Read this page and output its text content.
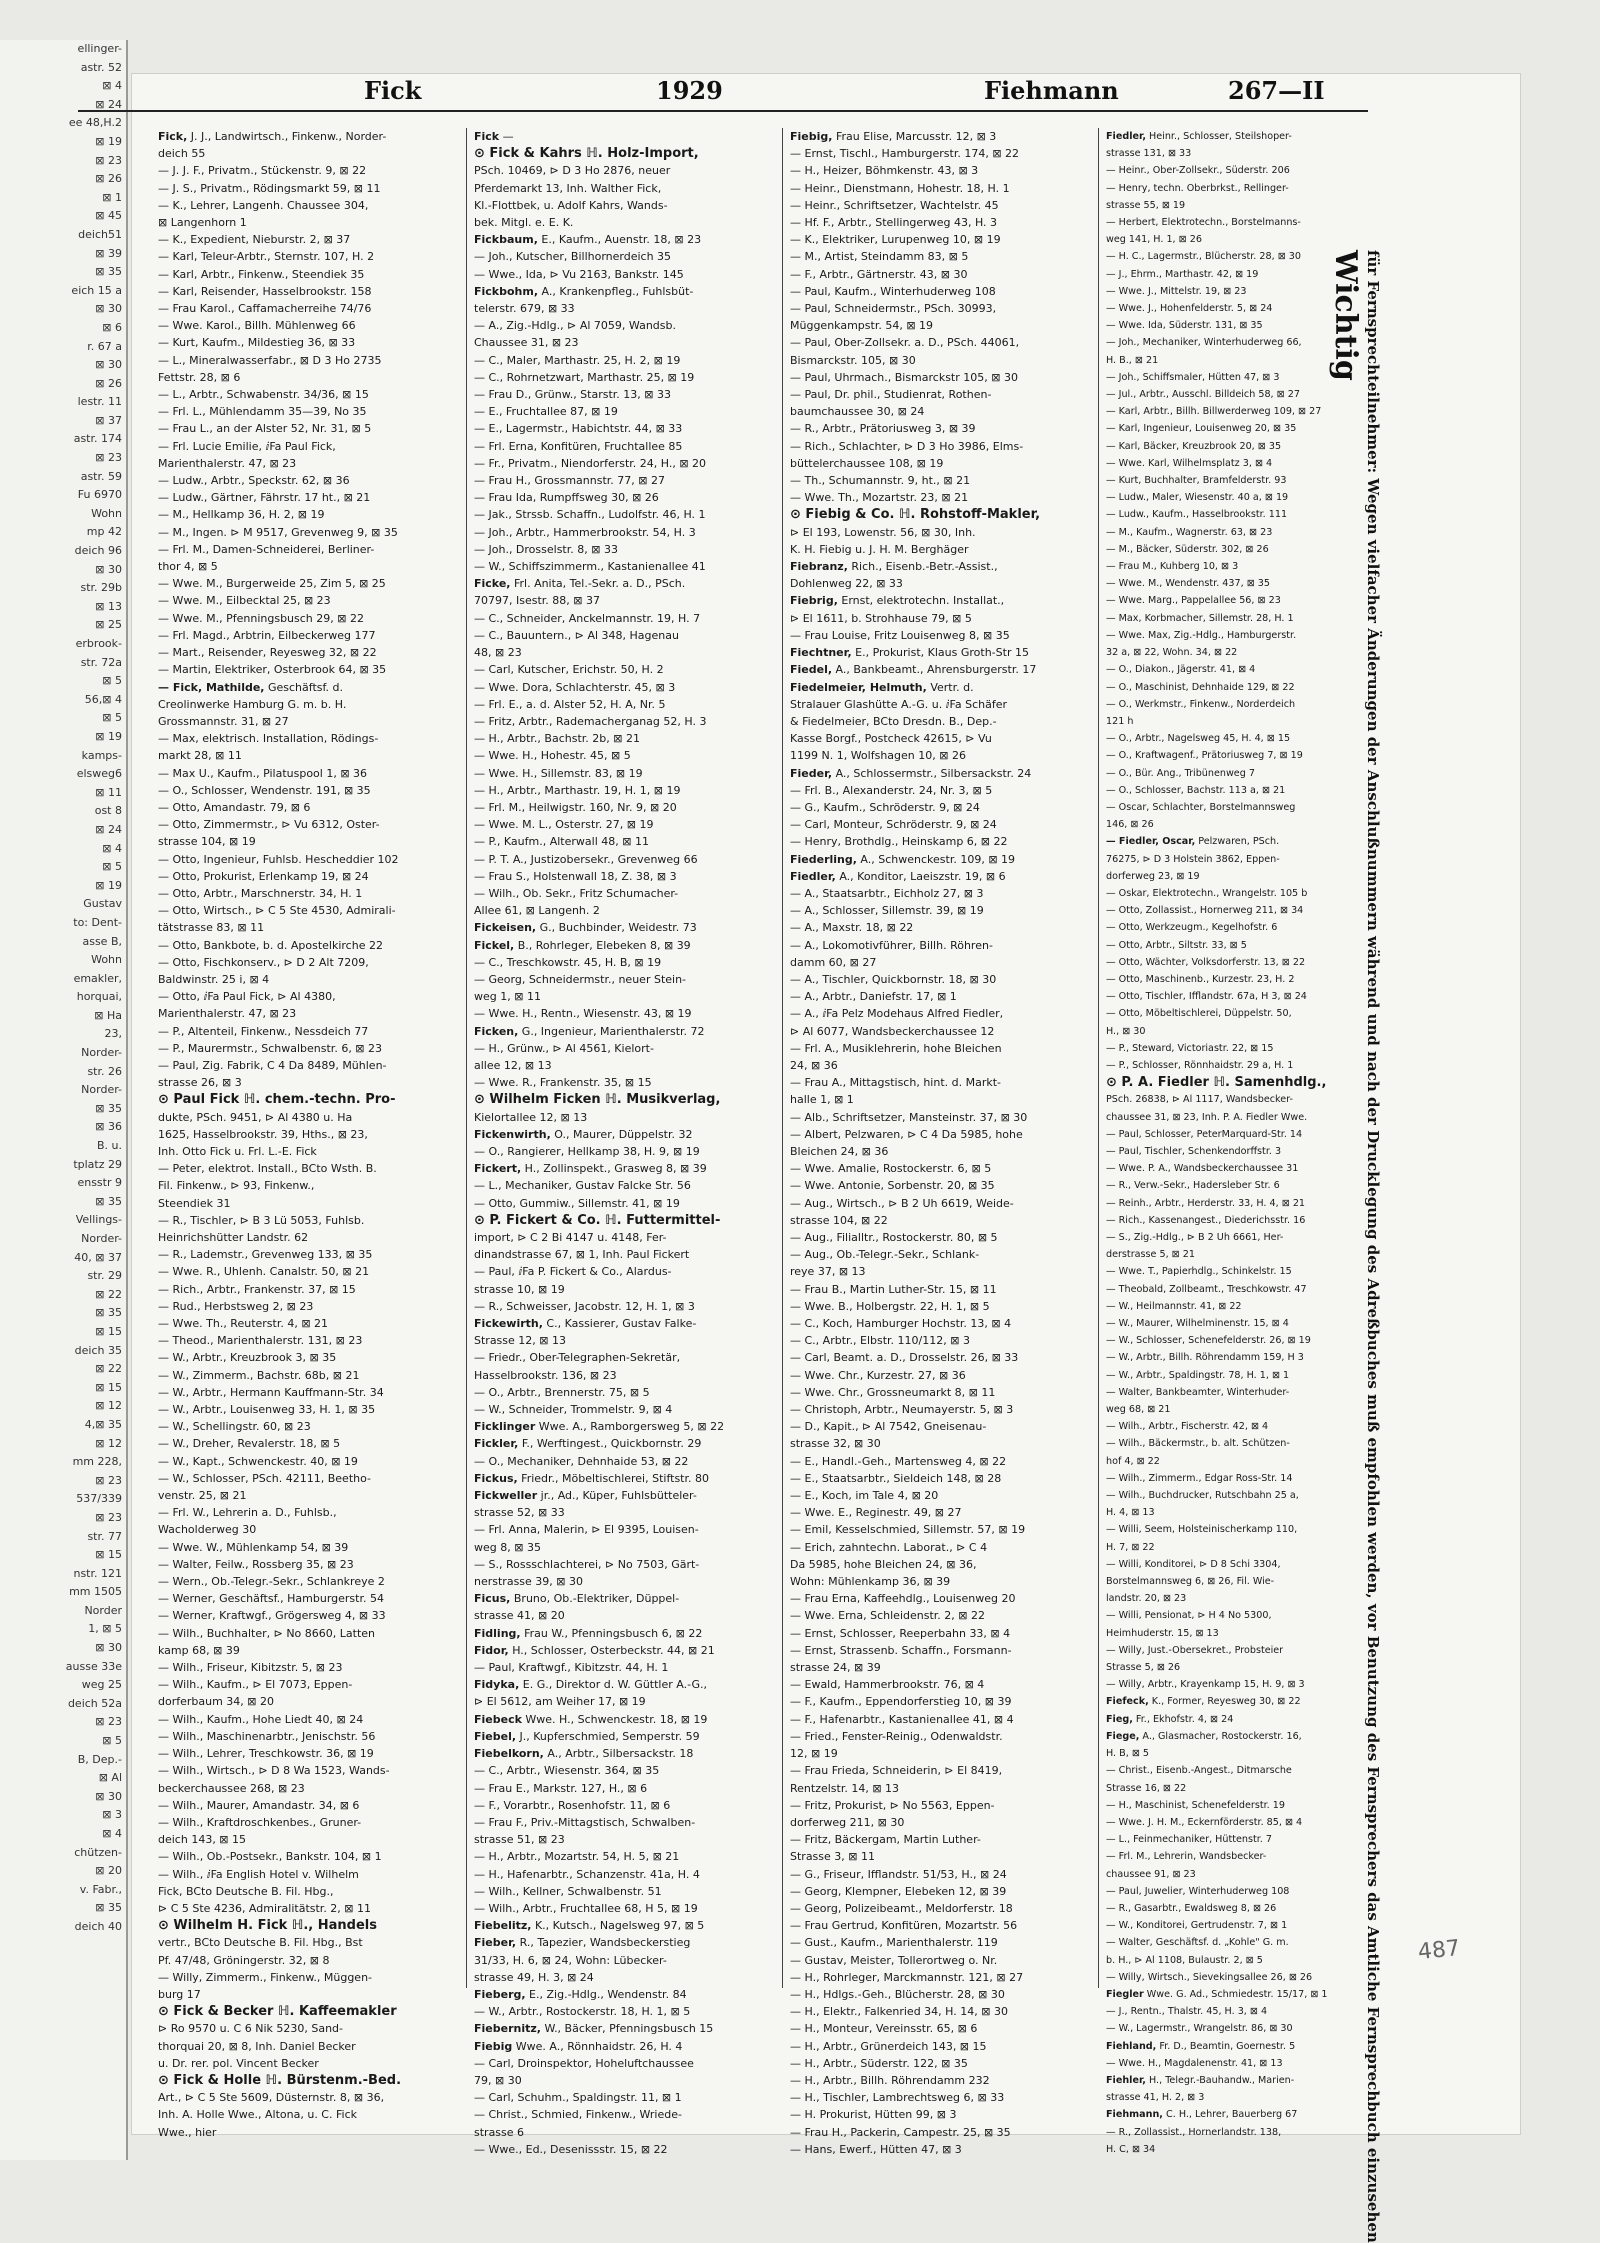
ellinger-
astr. 52
⊠ 4
⊠ 24
ee 48,H.2
⊠ 19
⊠ 23
⊠ 26
⊠ 1
⊠ 45
deich51
⊠ 39
⊠ 35
eich 15 a
⊠ 30
⊠ 6
r. 67 a
⊠ 30
⊠ 26
lestr. 11
⊠ 37
astr. 174
⊠ 23
astr. 59
Fu 6970
Wohn
mp 42
deich 96
⊠ 30
str. 29b
⊠ 13
⊠ 25
erbrook-
str. 72a
⊠ 5
56,⊠ 4
⊠ 5
⊠ 19
kamps-
elsweg6
⊠ 11
ost 8
⊠ 24
⊠ 4
⊠ 5
⊠ 19
Gustav
to: Dent-
asse B,
Wohn
emakler,
horquai,
⊠ Ha
23,
Norder-
str. 26
Norder-
⊠ 35
⊠ 36
B. u.
tplatz 29
ensstr 9
⊠ 35
Vellings-
Norder-
40, ⊠ 37
str. 29
⊠ 22
⊠ 35
⊠ 15
deich 35
⊠ 22
⊠ 15
⊠ 12
4,⊠ 35
⊠ 12
mm 228,
⊠ 23
537/339
⊠ 23
str. 77
⊠ 15
nstr. 121
mm 1505
Norder
1, ⊠ 5
⊠ 30
ausse 33e
weg 25
deich 52a
⊠ 23
⊠ 5
B, Dep.-
⊠ Al
⊠ 30
⊠ 3
⊠ 4
chützen-
⊠ 20
v. Fabr.,
⊠ 35
deich 40
Fick	1929	Fiehmann	267—II
Fick, J. J., Landwirtsch., Finkenw., Norder-
deich 55
— J. J. F., Privatm., Stückenstr. 9, ⊠ 22
— J. S., Privatm., Rödingsmarkt 59, ⊠ 11
— K., Lehrer, Langenh. Chaussee 304,
⊠ Langenhorn 1
— K., Expedient, Nieburstr. 2, ⊠ 37
— Karl, Teleur-Arbtr., Sternstr. 107, H. 2
— Karl, Arbtr., Finkenw., Steendiek 35
— Karl, Reisender, Hasselbrookstr. 158
— Frau Karol., Caffamacherreihe 74/76
— Wwe. Karol., Billh. Mühlenweg 66
— Kurt, Kaufm., Mildestieg 36, ⊠ 33
— L., Mineralwasserfabr., ⊠ D 3 Ho 2735
Fettstr. 28, ⊠ 6
— L., Arbtr., Schwabenstr. 34/36, ⊠ 15
— Frl. L., Mühlendamm 35—39, No 35
— Frau L., an der Alster 52, Nr. 31, ⊠ 5
— Frl. Lucie Emilie, ⅈFa Paul Fick,
Marienthalerstr. 47, ⊠ 23
— Ludw., Arbtr., Speckstr. 62, ⊠ 36
— Ludw., Gärtner, Fährstr. 17 ht., ⊠ 21
— M., Hellkamp 36, H. 2, ⊠ 19
— M., Ingen. ⊳ M 9517, Grevenweg 9, ⊠ 35
— Frl. M., Damen-Schneiderei, Berliner-
thor 4, ⊠ 5
— Wwe. M., Burgerweide 25, Zim 5, ⊠ 25
— Wwe. M., Eilbecktal 25, ⊠ 23
— Wwe. M., Pfenningsbusch 29, ⊠ 22
— Frl. Magd., Arbtrin, Eilbeckerweg 177
— Mart., Reisender, Reyesweg 32, ⊠ 22
— Martin, Elektriker, Osterbrook 64, ⊠ 35
— Fick, Mathilde, Geschäftsf. d.
Creolinwerke Hamburg G. m. b. H.
Grossmannstr. 31, ⊠ 27
— Max, elektrisch. Installation, Rödings-
markt 28, ⊠ 11
— Max U., Kaufm., Pilatuspool 1, ⊠ 36
— O., Schlosser, Wendenstr. 191, ⊠ 35
— Otto, Amandastr. 79, ⊠ 6
— Otto, Zimmermstr., ⊳ Vu 6312, Oster-
strasse 104, ⊠ 19
— Otto, Ingenieur, Fuhlsb. Hescheddier 102
— Otto, Prokurist, Erlenkamp 19, ⊠ 24
— Otto, Arbtr., Marschnerstr. 34, H. 1
— Otto, Wirtsch., ⊳ C 5 Ste 4530, Admirali-
tätstrasse 83, ⊠ 11
— Otto, Bankbote, b. d. Apostelkirche 22
— Otto, Fischkonserv., ⊳ D 2 Alt 7209,
Baldwinstr. 25 i, ⊠ 4
— Otto, ⅈFa Paul Fick, ⊳ Al 4380,
Marienthalerstr. 47, ⊠ 23
— P., Altenteil, Finkenw., Nessdeich 77
— P., Maurermstr., Schwalbenstr. 6, ⊠ 23
— Paul, Zig. Fabrik, C 4 Da 8489, Mühlen-
strasse 26, ⊠ 3
⊙ Paul Fick ℍ. chem.-techn. Pro-
dukte, PSch. 9451, ⊳ Al 4380 u. Ha
1625, Hasselbrookstr. 39, Hths., ⊠ 23,
Inh. Otto Fick u. Frl. L.-E. Fick
— Peter, elektrot. Install., BCto Wsth. B.
Fil. Finkenw., ⊳ 93, Finkenw.,
Steendiek 31
— R., Tischler, ⊳ B 3 Lü 5053, Fuhlsb.
Heinrichshütter Landstr. 62
— R., Lademstr., Grevenweg 133, ⊠ 35
— Wwe. R., Uhlenh. Canalstr. 50, ⊠ 21
— Rich., Arbtr., Frankenstr. 37, ⊠ 15
— Rud., Herbstsweg 2, ⊠ 23
— Wwe. Th., Reuterstr. 4, ⊠ 21
— Theod., Marienthalerstr. 131, ⊠ 23
— W., Arbtr., Kreuzbrook 3, ⊠ 35
— W., Zimmerm., Bachstr. 68b, ⊠ 21
— W., Arbtr., Hermann Kauffmann-Str. 34
— W., Arbtr., Louisenweg 33, H. 1, ⊠ 35
— W., Schellingstr. 60, ⊠ 23
— W., Dreher, Revalerstr. 18, ⊠ 5
— W., Kapt., Schwenckestr. 40, ⊠ 19
— W., Schlosser, PSch. 42111, Beetho-
venstr. 25, ⊠ 21
— Frl. W., Lehrerin a. D., Fuhlsb.,
Wacholderweg 30
— Wwe. W., Mühlenkamp 54, ⊠ 39
— Walter, Feilw., Rossberg 35, ⊠ 23
— Wern., Ob.-Telegr.-Sekr., Schlankreye 2
— Werner, Geschäftsf., Hamburgerstr. 54
— Werner, Kraftwgf., Grögersweg 4, ⊠ 33
— Wilh., Buchhalter, ⊳ No 8660, Latten
kamp 68, ⊠ 39
— Wilh., Friseur, Kibitzstr. 5, ⊠ 23
— Wilh., Kaufm., ⊳ El 7073, Eppen-
dorferbaum 34, ⊠ 20
— Wilh., Kaufm., Hohe Liedt 40, ⊠ 24
— Wilh., Maschinenarbtr., Jenischstr. 56
— Wilh., Lehrer, Treschkowstr. 36, ⊠ 19
— Wilh., Wirtsch., ⊳ D 8 Wa 1523, Wands-
beckerchaussee 268, ⊠ 23
— Wilh., Maurer, Amandastr. 34, ⊠ 6
— Wilh., Kraftdroschkenbes., Gruner-
deich 143, ⊠ 15
— Wilh., Ob.-Postsekr., Bankstr. 104, ⊠ 1
— Wilh., ⅈFa English Hotel v. Wilhelm
Fick, BCto Deutsche B. Fil. Hbg.,
⊳ C 5 Ste 4236, Admiralitätstr. 2, ⊠ 11
⊙ Wilhelm H. Fick ℍ., Handels
vertr., BCto Deutsche B. Fil. Hbg., Bst
Pf. 47/48, Gröningerstr. 32, ⊠ 8
— Willy, Zimmerm., Finkenw., Müggen-
burg 17
⊙ Fick & Becker ℍ. Kaffeemakler
⊳ Ro 9570 u. C 6 Nik 5230, Sand-
thorquai 20, ⊠ 8, Inh. Daniel Becker
u. Dr. rer. pol. Vincent Becker
⊙ Fick & Holle ℍ. Bürstenm.-Bed.
Art., ⊳ C 5 Ste 5609, Düsternstr. 8, ⊠ 36,
Inh. A. Holle Wwe., Altona, u. C. Fick
Wwe., hier
Fick —
⊙ Fick & Kahrs ℍ. Holz-Import,
PSch. 10469, ⊳ D 3 Ho 2876, neuer
Pferdemarkt 13, Inh. Walther Fick,
Kl.-Flottbek, u. Adolf Kahrs, Wands-
bek. Mitgl. e. E. K.
Fickbaum, E., Kaufm., Auenstr. 18, ⊠ 23
— Joh., Kutscher, Billhornerdeich 35
— Wwe., Ida, ⊳ Vu 2163, Bankstr. 145
Fickbohm, A., Krankenpfleg., Fuhlsbüt-
telerstr. 679, ⊠ 33
— A., Zig.-Hdlg., ⊳ Al 7059, Wandsb.
Chaussee 31, ⊠ 23
— C., Maler, Marthastr. 25, H. 2, ⊠ 19
— C., Rohrnetzwart, Marthastr. 25, ⊠ 19
— Frau D., Grünw., Starstr. 13, ⊠ 33
— E., Fruchtallee 87, ⊠ 19
— E., Lagermstr., Habichtstr. 44, ⊠ 33
— Frl. Erna, Konfitüren, Fruchtallee 85
— Fr., Privatm., Niendorferstr. 24, H., ⊠ 20
— Frau H., Grossmannstr. 77, ⊠ 27
— Frau Ida, Rumpffsweg 30, ⊠ 26
— Jak., Strssb. Schaffn., Ludolfstr. 46, H. 1
— Joh., Arbtr., Hammerbrookstr. 54, H. 3
— Joh., Drosselstr. 8, ⊠ 33
— W., Schiffszimmerm., Kastanienallee 41
Ficke, Frl. Anita, Tel.-Sekr. a. D., PSch.
70797, Isestr. 88, ⊠ 37
— C., Schneider, Anckelmannstr. 19, H. 7
— C., Bauuntern., ⊳ Al 348, Hagenau
48, ⊠ 23
— Carl, Kutscher, Erichstr. 50, H. 2
— Wwe. Dora, Schlachterstr. 45, ⊠ 3
— Frl. E., a. d. Alster 52, H. A, Nr. 5
— Fritz, Arbtr., Rademacherganag 52, H. 3
— H., Arbtr., Bachstr. 2b, ⊠ 21
— Wwe. H., Hohestr. 45, ⊠ 5
— Wwe. H., Sillemstr. 83, ⊠ 19
— H., Arbtr., Marthastr. 19, H. 1, ⊠ 19
— Frl. M., Heilwigstr. 160, Nr. 9, ⊠ 20
— Wwe. M. L., Osterstr. 27, ⊠ 19
— P., Kaufm., Alterwall 48, ⊠ 11
— P. T. A., Justizobersekr., Grevenweg 66
— Frau S., Holstenwall 18, Z. 38, ⊠ 3
— Wilh., Ob. Sekr., Fritz Schumacher-
Allee 61, ⊠ Langenh. 2
Fickeisen, G., Buchbinder, Weidestr. 73
Fickel, B., Rohrleger, Elebeken 8, ⊠ 39
— C., Treschkowstr. 45, H. B, ⊠ 19
— Georg, Schneidermstr., neuer Stein-
weg 1, ⊠ 11
— Wwe. H., Rentn., Wiesenstr. 43, ⊠ 19
Ficken, G., Ingenieur, Marienthalerstr. 72
— H., Grünw., ⊳ Al 4561, Kielort-
allee 12, ⊠ 13
— Wwe. R., Frankenstr. 35, ⊠ 15
⊙ Wilhelm Ficken ℍ. Musikverlag,
Kielortallee 12, ⊠ 13
Fickenwirth, O., Maurer, Düppelstr. 32
— O., Rangierer, Hellkamp 38, H. 9, ⊠ 19
Fickert, H., Zollinspekt., Grasweg 8, ⊠ 39
— L., Mechaniker, Gustav Falcke Str. 56
— Otto, Gummiw., Sillemstr. 41, ⊠ 19
⊙ P. Fickert & Co. ℍ. Futtermittel-
import, ⊳ C 2 Bi 4147 u. 4148, Fer-
dinandstrasse 67, ⊠ 1, Inh. Paul Fickert
— Paul, ⅈFa P. Fickert & Co., Alardus-
strasse 10, ⊠ 19
— R., Schweisser, Jacobstr. 12, H. 1, ⊠ 3
Fickewirth, C., Kassierer, Gustav Falke-
Strasse 12, ⊠ 13
— Friedr., Ober-Telegraphen-Sekretär,
Hasselbrookstr. 136, ⊠ 23
— O., Arbtr., Brennerstr. 75, ⊠ 5
— W., Schneider, Trommelstr. 9, ⊠ 4
Ficklinger Wwe. A., Ramborgersweg 5, ⊠ 22
Fickler, F., Werftingest., Quickbornstr. 29
— O., Mechaniker, Dehnhaide 53, ⊠ 22
Fickus, Friedr., Möbeltischlerei, Stiftstr. 80
Fickweller jr., Ad., Küper, Fuhlsbütteler-
strasse 52, ⊠ 33
— Frl. Anna, Malerin, ⊳ El 9395, Louisen-
weg 8, ⊠ 35
— S., Rossschlachterei, ⊳ No 7503, Gärt-
nerstrasse 39, ⊠ 30
Ficus, Bruno, Ob.-Elektriker, Düppel-
strasse 41, ⊠ 20
Fidling, Frau W., Pfenningsbusch 6, ⊠ 22
Fidor, H., Schlosser, Osterbeckstr. 44, ⊠ 21
— Paul, Kraftwgf., Kibitzstr. 44, H. 1
Fidyka, E. G., Direktor d. W. Güttler A.-G.,
⊳ El 5612, am Weiher 17, ⊠ 19
Fiebeck Wwe. H., Schwenckestr. 18, ⊠ 19
Fiebel, J., Kupferschmied, Semperstr. 59
Fiebelkorn, A., Arbtr., Silbersackstr. 18
— C., Arbtr., Wiesenstr. 364, ⊠ 35
— Frau E., Markstr. 127, H., ⊠ 6
— F., Vorarbtr., Rosenhofstr. 11, ⊠ 6
— Frau F., Priv.-Mittagstisch, Schwalben-
strasse 51, ⊠ 23
— H., Arbtr., Mozartstr. 54, H. 5, ⊠ 21
— H., Hafenarbtr., Schanzenstr. 41a, H. 4
— Wilh., Kellner, Schwalbenstr. 51
— Wilh., Arbtr., Fruchtallee 68, H 5, ⊠ 19
Fiebelitz, K., Kutsch., Nagelsweg 97, ⊠ 5
Fieber, R., Tapezier, Wandsbeckerstieg
31/33, H. 6, ⊠ 24, Wohn: Lübecker-
strasse 49, H. 3, ⊠ 24
Fieberg, E., Zig.-Hdlg., Wendenstr. 84
— W., Arbtr., Rostockerstr. 18, H. 1, ⊠ 5
Fiebernitz, W., Bäcker, Pfenningsbusch 15
Fiebig Wwe. A., Rönnhaidstr. 26, H. 4
— Carl, Droinspektor, Hoheluftchaussee
79, ⊠ 30
— Carl, Schuhm., Spaldingstr. 11, ⊠ 1
— Christ., Schmied, Finkenw., Wriede-
strasse 6
— Wwe., Ed., Desenissstr. 15, ⊠ 22
Fiebig, Frau Elise, Marcusstr. 12, ⊠ 3
— Ernst, Tischl., Hamburgerstr. 174, ⊠ 22
— H., Heizer, Böhmkenstr. 43, ⊠ 3
— Heinr., Dienstmann, Hohestr. 18, H. 1
— Heinr., Schriftsetzer, Wachtelstr. 45
— Hf. F., Arbtr., Stellingerweg 43, H. 3
— K., Elektriker, Lurupenweg 10, ⊠ 19
— M., Artist, Steindamm 83, ⊠ 5
— F., Arbtr., Gärtnerstr. 43, ⊠ 30
— Paul, Kaufm., Winterhuderweg 108
— Paul, Schneidermstr., PSch. 30993,
Müggenkampstr. 54, ⊠ 19
— Paul, Ober-Zollsekr. a. D., PSch. 44061,
Bismarckstr. 105, ⊠ 30
— Paul, Uhrmach., Bismarckstr 105, ⊠ 30
— Paul, Dr. phil., Studienrat, Rothen-
baumchaussee 30, ⊠ 24
— R., Arbtr., Prätoriusweg 3, ⊠ 39
— Rich., Schlachter, ⊳ D 3 Ho 3986, Elms-
büttelerchaussee 108, ⊠ 19
— Th., Schumannstr. 9, ht., ⊠ 21
— Wwe. Th., Mozartstr. 23, ⊠ 21
⊙ Fiebig & Co. ℍ. Rohstoff-Makler,
⊳ El 193, Lowenstr. 56, ⊠ 30, Inh.
K. H. Fiebig u. J. H. M. Berghäger
Fiebranz, Rich., Eisenb.-Betr.-Assist.,
Dohlenweg 22, ⊠ 33
Fiebrig, Ernst, elektrotechn. Installat.,
⊳ El 1611, b. Strohhause 79, ⊠ 5
— Frau Louise, Fritz Louisenweg 8, ⊠ 35
Fiechtner, E., Prokurist, Klaus Groth-Str 15
Fiedel, A., Bankbeamt., Ahrensburgerstr. 17
Fiedelmeier, Helmuth, Vertr. d.
Stralauer Glashütte A.-G. u. ⅈFa Schäfer
& Fiedelmeier, BCto Dresdn. B., Dep.-
Kasse Borgf., Postcheck 42615, ⊳ Vu
1199 N. 1, Wolfshagen 10, ⊠ 26
Fieder, A., Schlossermstr., Silbersackstr. 24
— Frl. B., Alexanderstr. 24, Nr. 3, ⊠ 5
— G., Kaufm., Schröderstr. 9, ⊠ 24
— Carl, Monteur, Schröderstr. 9, ⊠ 24
— Henry, Brothdlg., Heinskamp 6, ⊠ 22
Fiederling, A., Schwenckestr. 109, ⊠ 19
Fiedler, A., Konditor, Laeiszstr. 19, ⊠ 6
— A., Staatsarbtr., Eichholz 27, ⊠ 3
— A., Schlosser, Sillemstr. 39, ⊠ 19
— A., Maxstr. 18, ⊠ 22
— A., Lokomotivführer, Billh. Röhren-
damm 60, ⊠ 27
— A., Tischler, Quickbornstr. 18, ⊠ 30
— A., Arbtr., Daniefstr. 17, ⊠ 1
— A., ⅈFa Pelz Modehaus Alfred Fiedler,
⊳ Al 6077, Wandsbeckerchaussee 12
— Frl. A., Musiklehrerin, hohe Bleichen
24, ⊠ 36
— Frau A., Mittagstisch, hint. d. Markt-
halle 1, ⊠ 1
— Alb., Schriftsetzer, Mansteinstr. 37, ⊠ 30
— Albert, Pelzwaren, ⊳ C 4 Da 5985, hohe
Bleichen 24, ⊠ 36
— Wwe. Amalie, Rostockerstr. 6, ⊠ 5
— Wwe. Antonie, Sorbenstr. 20, ⊠ 35
— Aug., Wirtsch., ⊳ B 2 Uh 6619, Weide-
strasse 104, ⊠ 22
— Aug., Filialltr., Rostockerstr. 80, ⊠ 5
— Aug., Ob.-Telegr.-Sekr., Schlank-
reye 37, ⊠ 13
— Frau B., Martin Luther-Str. 15, ⊠ 11
— Wwe. B., Holbergstr. 22, H. 1, ⊠ 5
— C., Koch, Hamburger Hochstr. 13, ⊠ 4
— C., Arbtr., Elbstr. 110/112, ⊠ 3
— Carl, Beamt. a. D., Drosselstr. 26, ⊠ 33
— Wwe. Chr., Kurzestr. 27, ⊠ 36
— Wwe. Chr., Grossneumarkt 8, ⊠ 11
— Christoph, Arbtr., Neumayerstr. 5, ⊠ 3
— D., Kapit., ⊳ Al 7542, Gneisenau-
strasse 32, ⊠ 30
— E., Handl.-Geh., Martensweg 4, ⊠ 22
— E., Staatsarbtr., Sieldeich 148, ⊠ 28
— E., Koch, im Tale 4, ⊠ 20
— Wwe. E., Reginestr. 49, ⊠ 27
— Emil, Kesselschmied, Sillemstr. 57, ⊠ 19
— Erich, zahntechn. Laborat., ⊳ C 4
Da 5985, hohe Bleichen 24, ⊠ 36,
Wohn: Mühlenkamp 36, ⊠ 39
— Frau Erna, Kaffeehdlg., Louisenweg 20
— Wwe. Erna, Schleidenstr. 2, ⊠ 22
— Ernst, Schlosser, Reeperbahn 33, ⊠ 4
— Ernst, Strassenb. Schaffn., Forsmann-
strasse 24, ⊠ 39
— Ewald, Hammerbrookstr. 76, ⊠ 4
— F., Kaufm., Eppendorferstieg 10, ⊠ 39
— F., Hafenarbtr., Kastanienallee 41, ⊠ 4
— Fried., Fenster-Reinig., Odenwaldstr.
12, ⊠ 19
— Frau Frieda, Schneiderin, ⊳ El 8419,
Rentzelstr. 14, ⊠ 13
— Fritz, Prokurist, ⊳ No 5563, Eppen-
dorferweg 211, ⊠ 30
— Fritz, Bäckergam, Martin Luther-
Strasse 3, ⊠ 11
— G., Friseur, Ifflandstr. 51/53, H., ⊠ 24
— Georg, Klempner, Elebeken 12, ⊠ 39
— Georg, Polizeibeamt., Meldorferstr. 18
— Frau Gertrud, Konfitüren, Mozartstr. 56
— Gust., Kaufm., Marienthalerstr. 119
— Gustav, Meister, Tollerortweg o. Nr.
— H., Rohrleger, Marckmannstr. 121, ⊠ 27
— H., Hdlgs.-Geh., Blücherstr. 28, ⊠ 30
— H., Elektr., Falkenried 34, H. 14, ⊠ 30
— H., Monteur, Vereinsstr. 65, ⊠ 6
— H., Arbtr., Grünerdeich 143, ⊠ 15
— H., Arbtr., Süderstr. 122, ⊠ 35
— H., Arbtr., Billh. Röhrendamm 232
— H., Tischler, Lambrechtsweg 6, ⊠ 33
— H. Prokurist, Hütten 99, ⊠ 3
— Frau H., Packerin, Campestr. 25, ⊠ 35
— Hans, Ewerf., Hütten 47, ⊠ 3
Fiedler, Heinr., Schlosser, Steilshoper-
strasse 131, ⊠ 33
— Heinr., Ober-Zollsekr., Süderstr. 206
— Henry, techn. Oberbrkst., Rellinger-
strasse 55, ⊠ 19
— Herbert, Elektrotechn., Borstelmanns-
weg 141, H. 1, ⊠ 26
— H. C., Lagermstr., Blücherstr. 28, ⊠ 30
— J., Ehrm., Marthastr. 42, ⊠ 19
— Wwe. J., Mittelstr. 19, ⊠ 23
— Wwe. J., Hohenfelderstr. 5, ⊠ 24
— Wwe. Ida, Süderstr. 131, ⊠ 35
— Joh., Mechaniker, Winterhuderweg 66,
H. B., ⊠ 21
— Joh., Schiffsmaler, Hütten 47, ⊠ 3
— Jul., Arbtr., Ausschl. Billdeich 58, ⊠ 27
— Karl, Arbtr., Billh. Billwerderweg 109, ⊠ 27
— Karl, Ingenieur, Louisenweg 20, ⊠ 35
— Karl, Bäcker, Kreuzbrook 20, ⊠ 35
— Wwe. Karl, Wilhelmsplatz 3, ⊠ 4
— Kurt, Buchhalter, Bramfelderstr. 93
— Ludw., Maler, Wiesenstr. 40 a, ⊠ 19
— Ludw., Kaufm., Hasselbrookstr. 111
— M., Kaufm., Wagnerstr. 63, ⊠ 23
— M., Bäcker, Süderstr. 302, ⊠ 26
— Frau M., Kuhberg 10, ⊠ 3
— Wwe. M., Wendenstr. 437, ⊠ 35
— Wwe. Marg., Pappelallee 56, ⊠ 23
— Max, Korbmacher, Sillemstr. 28, H. 1
— Wwe. Max, Zig.-Hdlg., Hamburgerstr.
32 a, ⊠ 22, Wohn. 34, ⊠ 22
— O., Diakon., Jägerstr. 41, ⊠ 4
— O., Maschinist, Dehnhaide 129, ⊠ 22
— O., Werkmstr., Finkenw., Norderdeich
121 h
— O., Arbtr., Nagelsweg 45, H. 4, ⊠ 15
— O., Kraftwagenf., Prätoriusweg 7, ⊠ 19
— O., Bür. Ang., Tribünenweg 7
— O., Schlosser, Bachstr. 113 a, ⊠ 21
— Oscar, Schlachter, Borstelmannsweg
146, ⊠ 26
— Fiedler, Oscar, Pelzwaren, PSch.
76275, ⊳ D 3 Holstein 3862, Eppen-
dorferweg 23, ⊠ 19
— Oskar, Elektrotechn., Wrangelstr. 105 b
— Otto, Zollassist., Hornerweg 211, ⊠ 34
— Otto, Werkzeugm., Kegelhofstr. 6
— Otto, Arbtr., Siltstr. 33, ⊠ 5
— Otto, Wächter, Volksdorferstr. 13, ⊠ 22
— Otto, Maschinenb., Kurzestr. 23, H. 2
— Otto, Tischler, Ifflandstr. 67a, H 3, ⊠ 24
— Otto, Möbeltischlerei, Düppelstr. 50,
H., ⊠ 30
— P., Steward, Victoriastr. 22, ⊠ 15
— P., Schlosser, Rönnhaidstr. 29 a, H. 1
⊙ P. A. Fiedler ℍ. Samenhdlg.,
PSch. 26838, ⊳ Al 1117, Wandsbecker-
chaussee 31, ⊠ 23, Inh. P. A. Fiedler Wwe.
— Paul, Schlosser, PeterMarquard-Str. 14
— Paul, Tischler, Schenkendorffstr. 3
— Wwe. P. A., Wandsbeckerchaussee 31
— R., Verw.-Sekr., Hadersleber Str. 6
— Reinh., Arbtr., Herderstr. 33, H. 4, ⊠ 21
— Rich., Kassenangest., Diederichsstr. 16
— S., Zig.-Hdlg., ⊳ B 2 Uh 6661, Her-
derstrasse 5, ⊠ 21
— Wwe. T., Papierhdlg., Schinkelstr. 15
— Theobald, Zollbeamt., Treschkowstr. 47
— W., Heilmannstr. 41, ⊠ 22
— W., Maurer, Wilhelminenstr. 15, ⊠ 4
— W., Schlosser, Schenefelderstr. 26, ⊠ 19
— W., Arbtr., Billh. Röhrendamm 159, H 3
— W., Arbtr., Spaldingstr. 78, H. 1, ⊠ 1
— Walter, Bankbeamter, Winterhuder-
weg 68, ⊠ 21
— Wilh., Arbtr., Fischerstr. 42, ⊠ 4
— Wilh., Bäckermstr., b. alt. Schützen-
hof 4, ⊠ 22
— Wilh., Zimmerm., Edgar Ross-Str. 14
— Wilh., Buchdrucker, Rutschbahn 25 a,
H. 4, ⊠ 13
— Willi, Seem, Holsteinischerkamp 110,
H. 7, ⊠ 22
— Willi, Konditorei, ⊳ D 8 Schi 3304,
Borstelmannsweg 6, ⊠ 26, Fil. Wie-
landstr. 20, ⊠ 23
— Willi, Pensionat, ⊳ H 4 No 5300,
Heimhuderstr. 15, ⊠ 13
— Willy, Just.-Obersekret., Probsteier
Strasse 5, ⊠ 26
— Willy, Arbtr., Krayenkamp 15, H. 9, ⊠ 3
Fiefeck, K., Former, Reyesweg 30, ⊠ 22
Fieg, Fr., Ekhofstr. 4, ⊠ 24
Fiege, A., Glasmacher, Rostockerstr. 16,
H. B, ⊠ 5
— Christ., Eisenb.-Angest., Ditmarsche
Strasse 16, ⊠ 22
— H., Maschinist, Schenefelderstr. 19
— Wwe. J. H. M., Eckernförderstr. 85, ⊠ 4
— L., Feinmechaniker, Hüttenstr. 7
— Frl. M., Lehrerin, Wandsbecker-
chaussee 91, ⊠ 23
— Paul, Juwelier, Winterhuderweg 108
— R., Gasarbtr., Ewaldsweg 8, ⊠ 26
— W., Konditorei, Gertrudenstr. 7, ⊠ 1
— Walter, Geschäftsf. d. „Kohle" G. m.
b. H., ⊳ Al 1108, Bulaustr. 2, ⊠ 5
— Willy, Wirtsch., Sievekingsallee 26, ⊠ 26
Fiegler Wwe. G. Ad., Schmiedestr. 15/17, ⊠ 1
— J., Rentn., Thalstr. 45, H. 3, ⊠ 4
— W., Lagermstr., Wrangelstr. 86, ⊠ 30
Fiehland, Fr. D., Beamtin, Goernestr. 5
— Wwe. H., Magdalenenstr. 41, ⊠ 13
Fiehler, H., Telegr.-Bauhandw., Marien-
strasse 41, H. 2, ⊠ 3
Fiehmann, C. H., Lehrer, Bauerberg 67
— R., Zollassist., Hornerlandstr. 138,
H. C, ⊠ 34
Wichtig für Fernsprechteilnehmer: Wegen vielfacher Änderungen der Anschlußnummern während und nach der Drucklegung des Adreßbuches muß empfohlen werden, vor Benutzung des Fernsprechers das Amtliche Fernsprechbuch einzusehen 487
